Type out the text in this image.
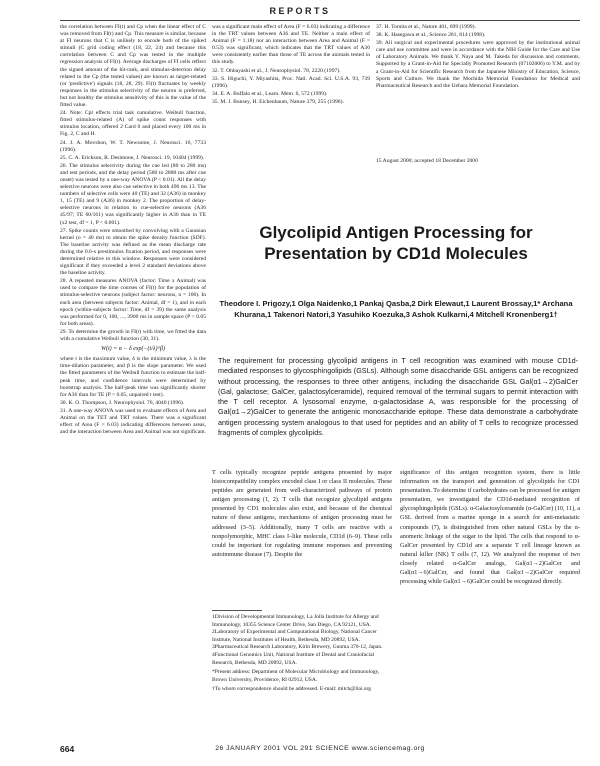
REPORTS

the correlation between FI(t) and Cp when the linear effect of C was removed from FI(t) and Cp. This measure is similar, because at FI neurons that C is unlikely to encode both of the spiked stimuli (C grid coding effect (18, 22, 24) and because this correlation between C and Cp was tested in the multiple regression analysis of FI(t). Average discharges of FI cells reflect the signed amount of the hit-rank, and stimulus-detection delay related to the Cp (the tested values) are known as target-related (or 'predictive') signals (18, 28, 29). Fl(t) fluctuates by weekly responses in the stimulus selectivity of the neuron is preferred, but not healthy the stimulus sensitivity of this is the value of the fitted value.

24. Note: Cpl effects trial task cumulative. Weibull function, fitted stimulus-related (A) of spike count responses with stimulus location, offered 2 Card 0 and placed every 100 ms in Fig. 2, C and H.

24. J. A. Movshon, W. T. Newsome, J. Neurosci. 16, 7733 (1996).

25. C. A. Erickson, R. Desimone, J. Neurosci. 19, 10404 (1999).

26. The stimulus selectivity during the cue led (80 to 280 ms) and test periods, and the delay period (580 to 2880 ms after cue onset) was tested by a one-way ANOVA (P < 0.01). All the delay selective neurons were also cue selective in both 496 ms 13. The numbers of selective cells were 40 (TE) and 32 (A36) in monkey 1, 15 (TE) and 9 (A36) in monkey 2. The proportion of delay-selective neurons in relation to cue-selective neurons (A36 45/97; TE 60/161) was significantly higher in A36 than in TE (x2 test, df = 1, P < 0.001).

27. Spike counts were smoothed by convolving with a Gaussian kernel (o = 40 ms) to obtain the spike density function (SDF). The baseline activity was defined as the mean discharge rate during the 0.6-s prestimulus fixation period, and responses were determined relative to this window. Responses were considered significant if they exceeded a level 2 standard deviations above the baseline activity.

28. A repeated measures ANOVA (factor: Time x Animal) was used to compare the time courses of FI(t) for the population of stimulus-selective neurons (subject factor: neurons, n = 106). In each area (between subjects factor: Animal, df = 1), and in each epoch (within-subjects factor: Time, df = 39) the same analysis was performed for 0, 100, ..., 3900 ms in sample space (P < 0.05 for both areas).

29. To determine the growth in FI(t) with time, we fitted the data with a cumulative Weibull function (30, 31).

W(t) = α − δ exp(−(t/λ)^β)

where t is the maximum value, δ is the minimum value, λ is the time-dilation parameter, and β is the slope parameter. We used the fitted parameters of the Weibull function to estimate the half-peak time, and confidence intervals were determined by bootstrap analysis. The half-peak time was significantly shorter for A36 than for TE (P < 0.05, unpaired t test).

30. K. O. Thompson, J. Neurophysiol. 76, 4040 (1996).

31. A one-way ANOVA was used to evaluate effects of Area and Animal on the TET and TRT values. There was a significant effect of Area (F = 6.03) indicating differences between areas, and the interaction between Area and Animal was not significant.

was a significant main effect of Area (F = 6.03) indicating a difference in the TRT values between A36 and TE. Neither a main effect of Animal (F = 1.18) nor an interaction between Area and Animal (F = 0.53) was significant, which indicates that the TRT values of A36 were consistently earlier than those of TE across the animals tested in this study.

32. T. Ohbayashi et al., J. Neurophysiol. 78, 2220 (1997).

33. S. Higuchi, Y. Miyashita, Proc. Natl. Acad. Sci. U.S.A. 93, 739 (1996).

34. E. A. Buffalo et al., Learn. Mem. 6, 572 (1999).

35. M. J. Bunsey, H. Eichenbaum, Nature 379, 255 (1996).

37. H. Tomita et al., Nature 401, 699 (1999).

38. K. Hasegawa et al., Science 281, 814 (1998).

39. All surgical and experimental procedures were approved by the institutional animal care and use committee and were in accordance with the NIH Guide for the Care and Use of Laboratory Animals. We thank Y. Naya and M. Takeda for discussion and comments. Supported by a Grant-in-Aid for Specially Promoted Research (07102006) to Y.M. and by a Grant-in-Aid for Scientific Research from the Japanese Ministry of Education, Science, Sports and Culture. We thank the Mochida Memorial Foundation for Medical and Pharmaceutical Research and the Uehara Memorial Foundation.

15 August 2000; accepted 18 December 2000
Glycolipid Antigen Processing for Presentation by CD1d Molecules
Theodore I. Prigozy,1 Olga Naidenko,1 Pankaj Qasba,2 Dirk Elewaut,1 Laurent Brossay,1* Archana Khurana,1 Takenori Natori,3 Yasuhiko Koezuka,3 Ashok Kulkarni,4 Mitchell Kronenberg1†

The requirement for processing glycolipid antigens in T cell recognition was examined with mouse CD1d-mediated responses to glycosphingolipids (GSLs). Although some disaccharide GSL antigens can be recognized without processing, the responses to three other antigens, including the disaccharide GSL Gal(α1→2)GalCer (Gal, galactose; GalCer, galactosylceramide), required removal of the terminal sugars to permit interaction with the T cell receptor. A lysosomal enzyme, α-galactosidase A, was responsible for the processing of Gal(α1→2)GalCer to generate the antigenic monosaccharide epitope. These data demonstrate a carbohydrate antigen processing system analogous to that used for peptides and an ability of T cells to recognize processed fragments of complex glycolipids.

T cells typically recognize peptide antigens presented by major histocompatibility complex encoded class I or class II molecules. These peptides are generated from well-characterized pathways of protein antigen processing (1, 2). T cells that recognize glycolipid antigens presented by CD1 molecules also exist, and because of the chemical nature of these antigens, mechanisms of antigen processing must be addressed (3–5). Additionally, many T cells are reactive with a nonpolymorphic, MHC class I–like molecule, CD1d (6–9). These cells could be important for regulating immune responses and preventing autoimmune disease (7). Despite the

significance of this antigen recognition system, there is little information on the transport and generation of glycolipids for CD1 presentation. To determine if carbohydrates can be processed for antigen presentation, we investigated the CD1d-mediated recognition of glycosphingolipids (GSLs). α-Galactosylceramide (α-GalCer) (10, 11), a GSL derived from a marine sponge in a search for anti-metastatic compounds (7), is distinguished from other natural GSLs by the α-anomeric linkage of the sugar to the lipid. The cells that respond to α-GalCer presented by CD1d are a separate T cell lineage known as natural killer (NK) T cells (7, 12). We analyzed the response of two closely related α-GalCer analogs, Gal(α1→2)GalCer and Gal(α1→6)GalCer, and found that Gal(α1→2)GalCer required processing while Gal(α1→6)GalCer could be recognized directly.

1Division of Developmental Immunology, La Jolla Institute for Allergy and Immunology, 10355 Science Center Drive, San Diego, CA 92121, USA. 2Laboratory of Experimental and Computational Biology, National Cancer Institute, National Institutes of Health, Bethesda, MD 20892, USA. 3Pharmaceutical Research Laboratory, Kirin Brewery, Gunma 370-12, Japan. 4Functional Genomics Unit, National Institute of Dental and Craniofacial Research, Bethesda, MD 20892, USA.

*Present address: Department of Molecular Microbiology and Immunology, Brown University, Providence, RI 02912, USA.

†To whom correspondence should be addressed. E-mail: mitch@liai.org

664	26 JANUARY 2001 VOL 291 SCIENCE www.sciencemag.org
